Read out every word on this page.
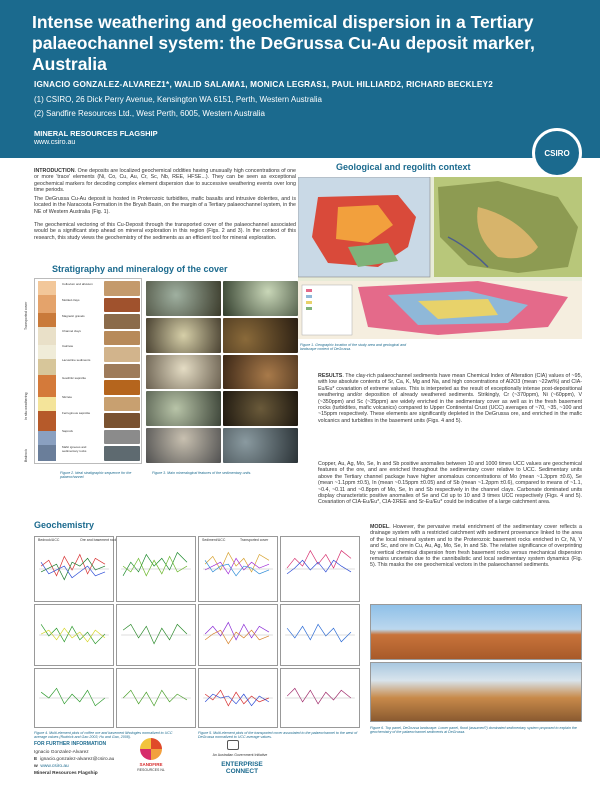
Intense weathering and geochemical dispersion in a Tertiary palaeochannel system: the DeGrussa Cu-Au deposit marker, Australia
IGNACIO GONZALEZ-ALVAREZ1*, WALID SALAMA1, MONICA LEGRAS1, PAUL HILLIARD2, RICHARD BECKLEY2
(1) CSIRO, 26 Dick Perry Avenue, Kensington WA 6151, Perth, Western Australia
(2) Sandfire Resources Ltd., West Perth, 6005, Western Australia
MINERAL RESOURCES FLAGSHIP
www.csiro.au
CSIRO
INTRODUCTION. One deposits are localized geochemical oddities having unusually high concentrations of one or more 'trace' elements (Ni, Co, Cu, Au, Cr, Sc, Nb, REE, HFSE...). They can be seen as exceptional geochemical markers for decoding complex element dispersion due to successive weathering events over long time periods.
The DeGrussa Cu-Au deposit is hosted in Proterozoic turbidites, mafic basalts and intrusive dolerites, and is located in the Naracoota Formation in the Bryah Basin, on the margin of a Tertiary palaeochannel system, in the NE of Western Australia (Fig. 1).
The geochemical vectoring of this Cu-Deposit through the transported cover of the palaeochannel associated would be a significant step ahead on mineral exploration in this region (Figs. 2 and 3). In the context of this research, this study views the geochemistry of the sediments as an efficient tool for mineral exploration.
Geological and regolith context
Figure 1. Geographic location of the study area and geological and landscape context of DeGrussa.
Stratigraphy and mineralogy of the cover
Colluvium and alluvium
Mottled clays
Magnetic gravels
Channel clays
Calcrete
Lacustrine sediments
Goethitic saprolite
Silcrete
Ferruginous saprolite
Saprock
Mafic igneous and sedimentary rocks
Transported cover
In situ weathering
Bedrock
Figure 2. Ideal stratigraphic sequence for the palaeochannel.
Figure 3. Main mineralogical features of the sedimentary units.
RESULTS. The clay-rich palaeochannel sediments have mean Chemical Index of Alteration (CIA) values of ~95, with low absolute contents of Sr, Ca, K, Mg and Na, and high concentrations of Al2O3 (mean ~22wt%) and CIA-Eu/Eu* covariation of extreme values. This is interpreted as the result of exceptionally intense post-depositional weathering and/or deposition of already weathered sediments. Strikingly, Cr (~370ppm), Ni (~60ppm), V (~350ppm) and Sc (~35ppm) are widely enriched in the sedimentary cover as well as in the fresh basement rocks (turbidites, mafic volcanics) compared to Upper Continental Crust (UCC) averages of ~70, ~35, ~100 and ~15ppm respectively. These elements are significantly depleted in the DeGrussa ore, and enriched in the mafic volcanics and turbidites in the basement units (Figs. 4 and 5).
Copper, Au, Ag, Mo, Se, In and Sb positive anomalies between 10 and 1000 times UCC values are geochemical features of the ore, and are enriched throughout the sedimentary cover relative to UCC. Sedimentary units above the Tertiary channel package have higher anomalous concentrations of Mo (mean ~1.3ppm ±0.6), Se (mean ~1.1ppm ±0.5), In (mean ~0.15ppm ±0.05) and of Sb (mean ~1.2ppm ±0.6), compared to means of ~1.1, ~0.4, ~0.11 and ~0.8ppm of Mo, Se, In and Sb respectively in the channel clays. Carbonate dominated units display characteristic positive anomalies of Se and Cd up to 10 and 3 times UCC respectively (Figs. 4 and 5). Covariation of CIA-Eu/Eu*, CIA-ΣREE and Sr-Eu/Eu* could be indicative of a large catchment area.
Geochemistry
Bedrock/UCC	Ore and basement rocks	Sediment/UCC	Transported cover
Figure 4. Multi-element plots of coffee ore and basement lithologies normalized to UCC average values (Rudnick and Gao 2003; Hu and Gao, 2008).
Figure 5. Multi-element plots of the transported cover associated to the palaeochannel to the west of DeGrussa normalized to UCC average values.
MODEL. However, the pervasive metal enrichment of the sedimentary cover reflects a drainage system with a restricted catchment with sediment provenance linked to the area of the local mineral system and to the Proterozoic basement rocks enriched in Cr, Ni, V and Sc, and ore in Cu, Au, Ag, Mo, Se, In and Sb. The relative significance of overprinting by vertical chemical dispersion from fresh basement rocks versus mechanical dispersion remains uncertain due to the cannibalistic and local sedimentary system dynamics (Fig. 5). This masks the ore geochemical vectors in the palaeochannel sediments.
Figure 6. Top panel, DeGrussa landscape. Lower panel, flood (assumed?) dominated sedimentary system proposed to explain the geochemistry of the palaeochannel sediments at DeGrussa.
FOR FURTHER INFORMATION
Ignacio Gonzalez-Alvarez
E ignacio.gonzalez-alvarez@csiro.au
w www.csiro.au
Mineral Resources Flagship
SANDFIRE
RESOURCES NL
An Australian Government Initiative
ENTERPRISE CONNECT
